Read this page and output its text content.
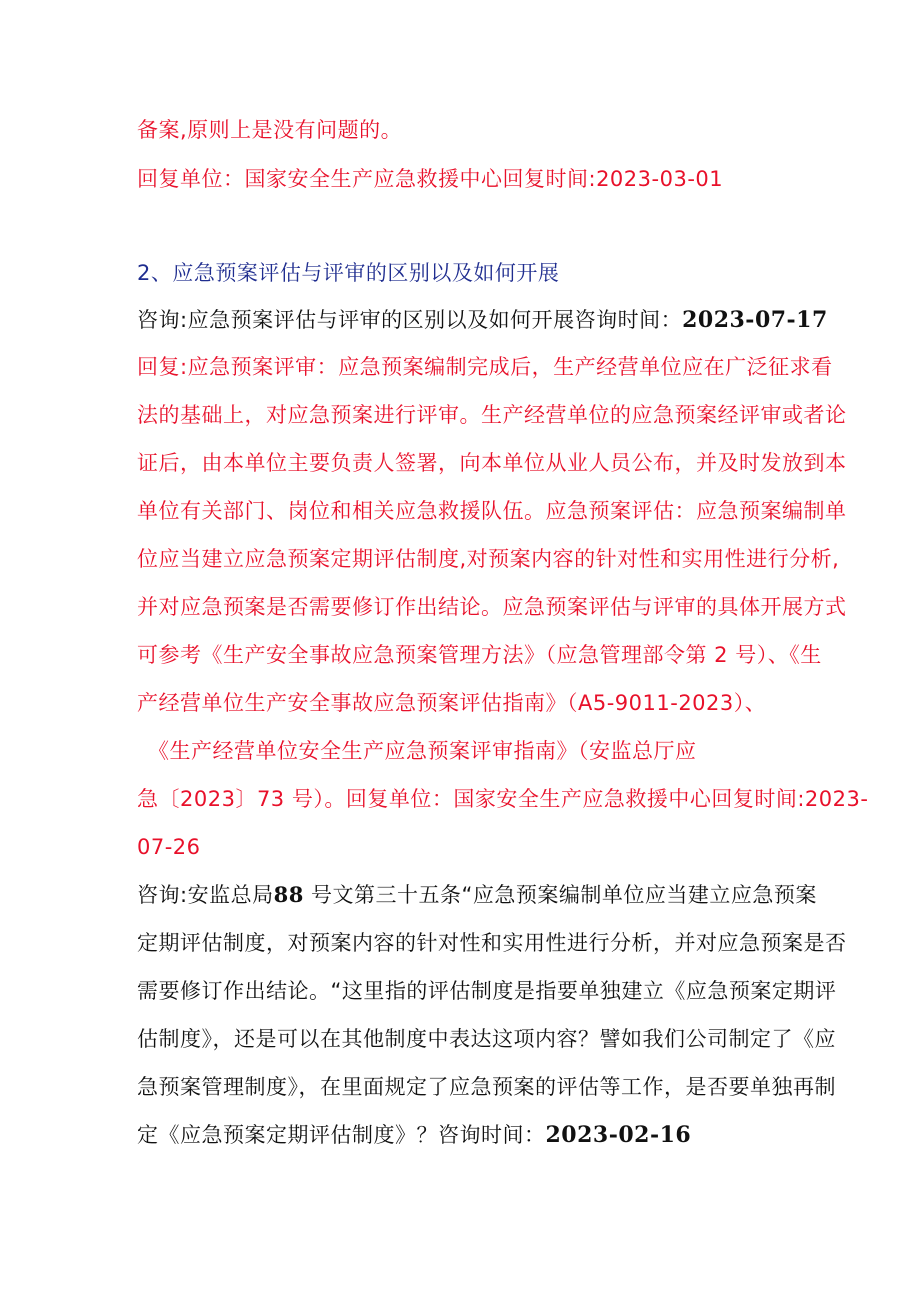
备案,原则上是没有问题的。
回复单位：国家安全生产应急救援中心回复时间:2023-03-01
2、应急预案评估与评审的区别以及如何开展
咨询:应急预案评估与评审的区别以及如何开展咨询时间：2023-07-17
回复:应急预案评审：应急预案编制完成后，生产经营单位应在广泛征求看
法的基础上，对应急预案进行评审。生产经营单位的应急预案经评审或者论
证后，由本单位主要负责人签署，向本单位从业人员公布，并及时发放到本
单位有关部门、岗位和相关应急救援队伍。应急预案评估：应急预案编制单
位应当建立应急预案定期评估制度,对预案内容的针对性和实用性进行分析,
并对应急预案是否需要修订作出结论。应急预案评估与评审的具体开展方式
可参考《生产安全事故应急预案管理方法》（应急管理部令第 2 号）、《生
产经营单位生产安全事故应急预案评估指南》（A5-9011-2023）、
　《生产经营单位安全生产应急预案评审指南》（安监总厅应
急〔2023〕73 号）。回复单位：国家安全生产应急救援中心回复时间:2023-
07-26
咨询:安监总局88 号文第三十五条“应急预案编制单位应当建立应急预案
定期评估制度，对预案内容的针对性和实用性进行分析，并对应急预案是否
需要修订作出结论。“这里指的评估制度是指要单独建立《应急预案定期评
估制度》，还是可以在其他制度中表达这项内容？譬如我们公司制定了《应
急预案管理制度》，在里面规定了应急预案的评估等工作，是否要单独再制
定《应急预案定期评估制度》？咨询时间：2023-02-16
